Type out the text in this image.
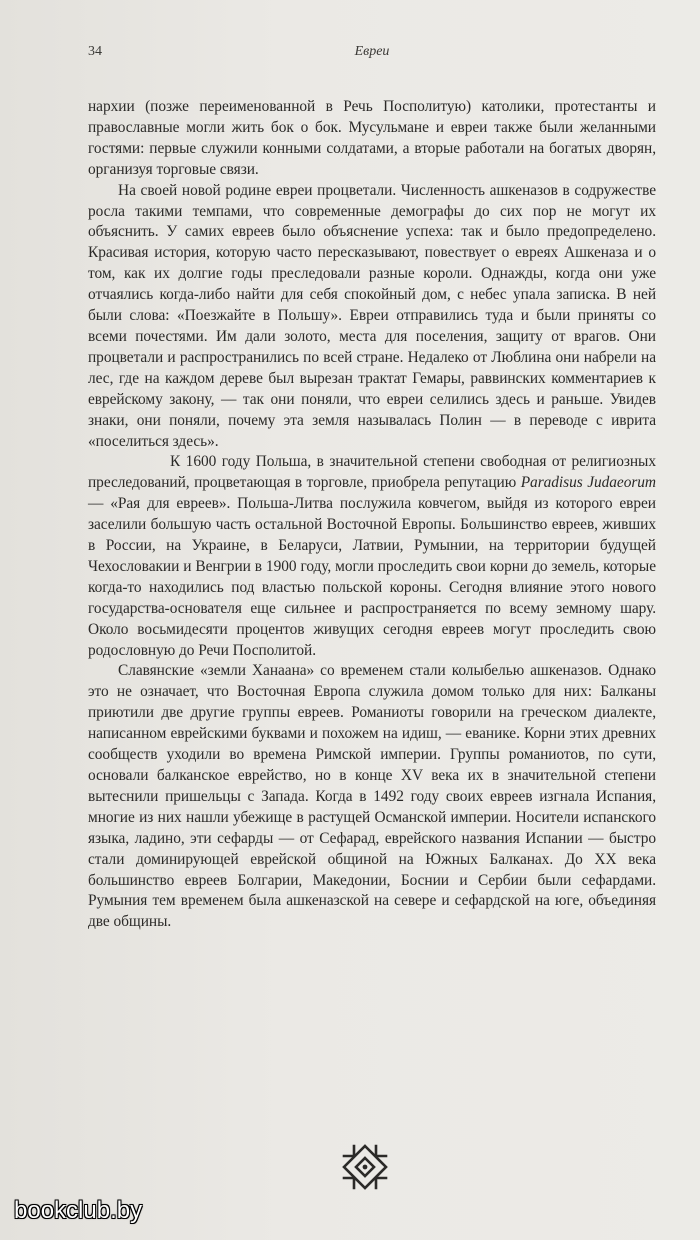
34	Евреи

нархии (позже переименованной в Речь Посполитую) католики, протестанты и православные могли жить бок о бок. Мусульмане и евреи также были желанными гостями: первые служили конными солдатами, а вторые работали на богатых дворян, организуя торговые связи.

На своей новой родине евреи процветали. Численность ашкеназов в содружестве росла такими темпами, что современные демографы до сих пор не могут их объяснить. У самих евреев было объяснение успеха: так и было предопределено. Красивая история, которую часто пересказывают, повествует о евреях Ашкеназа и о том, как их долгие годы преследовали разные короли. Однажды, когда они уже отчаялись когда-либо найти для себя спокойный дом, с небес упала записка. В ней были слова: «Поезжайте в Польшу». Евреи отправились туда и были приняты со всеми почестями. Им дали золото, места для поселения, защиту от врагов. Они процветали и распространились по всей стране. Недалеко от Люблина они набрели на лес, где на каждом дереве был вырезан трактат Гемары, раввинских комментариев к еврейскому закону, — так они поняли, что евреи селились здесь и раньше. Увидев знаки, они поняли, почему эта земля называлась Полин — в переводе с иврита «поселиться здесь».

К 1600 году Польша, в значительной степени свободная от религиозных преследований, процветающая в торговле, приобрела репутацию Paradisus Judaeorum — «Рая для евреев». Польша-Литва послужила ковчегом, выйдя из которого евреи заселили большую часть остальной Восточной Европы. Большинство евреев, живших в России, на Украине, в Беларуси, Латвии, Румынии, на территории будущей Чехословакии и Венгрии в 1900 году, могли проследить свои корни до земель, которые когда-то находились под властью польской короны. Сегодня влияние этого нового государства-основателя еще сильнее и распространяется по всему земному шару. Около восьмидесяти процентов живущих сегодня евреев могут проследить свою родословную до Речи Посполитой.

Славянские «земли Ханаана» со временем стали колыбелью ашкеназов. Однако это не означает, что Восточная Европа служила домом только для них: Балканы приютили две другие группы евреев. Романиоты говорили на греческом диалекте, написанном еврейскими буквами и похожем на идиш, — еванике. Корни этих древних сообществ уходили во времена Римской империи. Группы романиотов, по сути, основали балканское еврейство, но в конце XV века их в значительной степени вытеснили пришельцы с Запада. Когда в 1492 году своих евреев изгнала Испания, многие из них нашли убежище в растущей Османской империи. Носители испанского языка, ладино, эти сефарды — от Сефарад, еврейского названия Испании — быстро стали доминирующей еврейской общиной на Южных Балканах. До XX века большинство евреев Болгарии, Македонии, Боснии и Сербии были сефардами. Румыния тем временем была ашкеназской на севере и сефардской на юге, объединяя две общины.

bookclub.by
